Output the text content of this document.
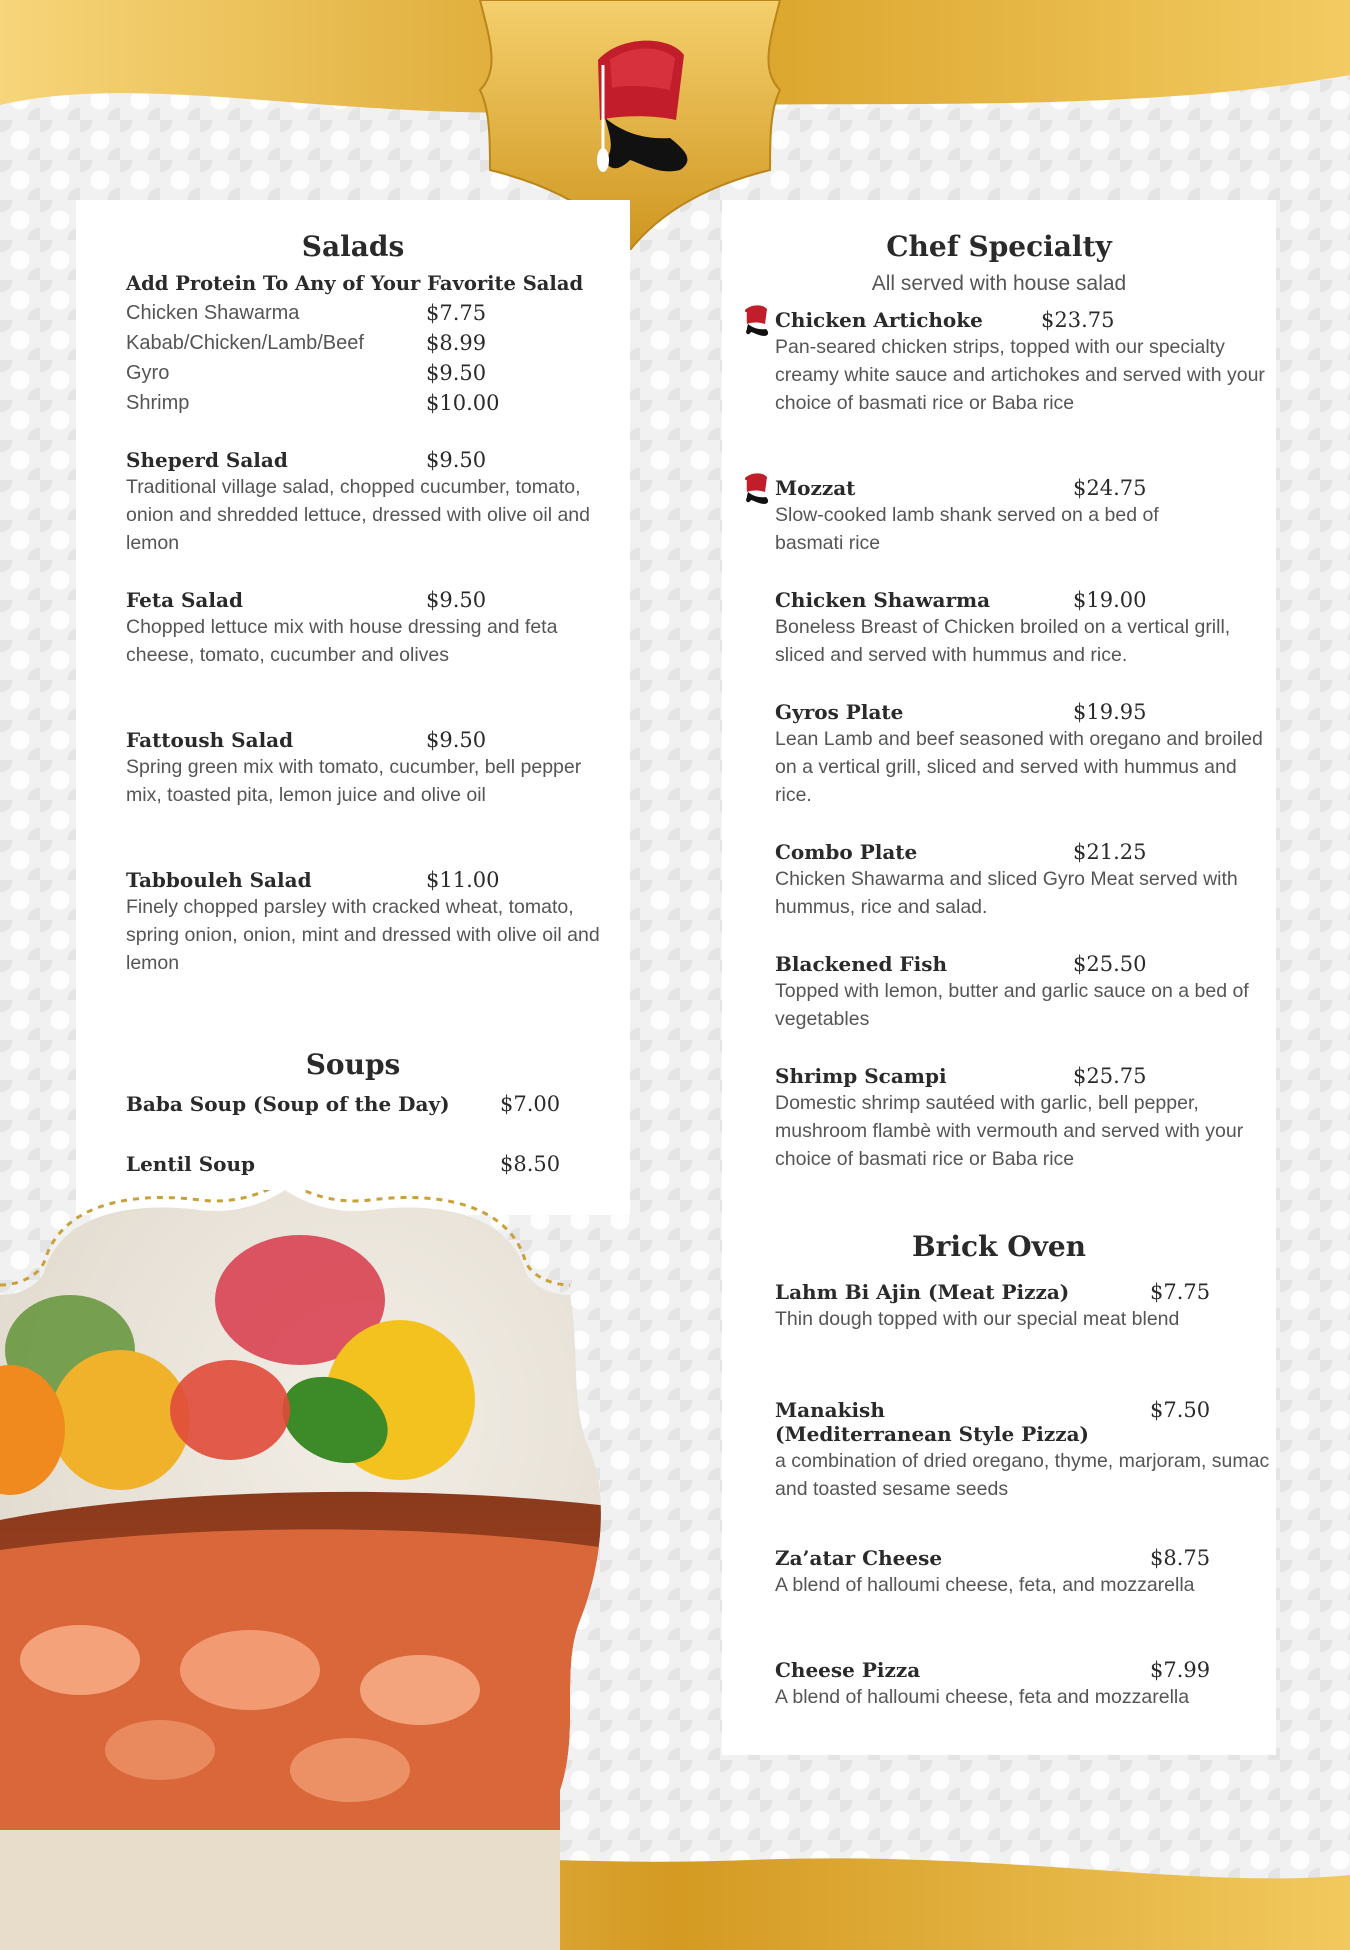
Salads
Add Protein To Any of Your Favorite Salad
Chicken Shawarma	$7.75
Kabab/Chicken/Lamb/Beef	$8.99
Gyro	$9.50
Shrimp	$10.00
Sheperd Salad	$9.50
Traditional village salad, chopped cucumber, tomato, onion and shredded lettuce, dressed with olive oil and lemon
Feta Salad	$9.50
Chopped lettuce mix with house dressing and feta cheese, tomato, cucumber and olives
Fattoush Salad	$9.50
Spring green mix with tomato, cucumber, bell pepper mix, toasted pita, lemon juice and olive oil
Tabbouleh Salad	$11.00
Finely chopped parsley with cracked wheat, tomato, spring onion, onion, mint and dressed with olive oil and lemon
Soups
Baba Soup (Soup of the Day)	$7.00
Lentil Soup	$8.50
Chef Specialty
All served with house salad
Chicken Artichoke	$23.75
Pan-seared chicken strips, topped with our specialty creamy white sauce and artichokes and served with your choice of basmati rice or Baba rice
Mozzat	$24.75
Slow-cooked lamb shank served on a bed of basmati rice
Chicken Shawarma	$19.00
Boneless Breast of Chicken broiled on a vertical grill, sliced and served with hummus and rice.
Gyros Plate	$19.95
Lean Lamb and beef seasoned with oregano and broiled on a vertical grill, sliced and served with hummus and rice.
Combo Plate	$21.25
Chicken Shawarma and sliced Gyro Meat served with hummus, rice and salad.
Blackened Fish	$25.50
Topped with lemon, butter and garlic sauce on a bed of vegetables
Shrimp Scampi	$25.75
Domestic shrimp sautéed with garlic, bell pepper, mushroom flambè with vermouth and served with your choice of basmati rice or Baba rice
Brick Oven
Lahm Bi Ajin (Meat Pizza)	$7.75
Thin dough topped with our special meat blend
Manakish
(Mediterranean Style Pizza)
$7.50
a combination of dried oregano, thyme, marjoram, sumac and toasted sesame seeds
Za’atar Cheese	$8.75
A blend of halloumi cheese, feta, and mozzarella
Cheese Pizza	$7.99
A blend of halloumi cheese, feta and mozzarella
